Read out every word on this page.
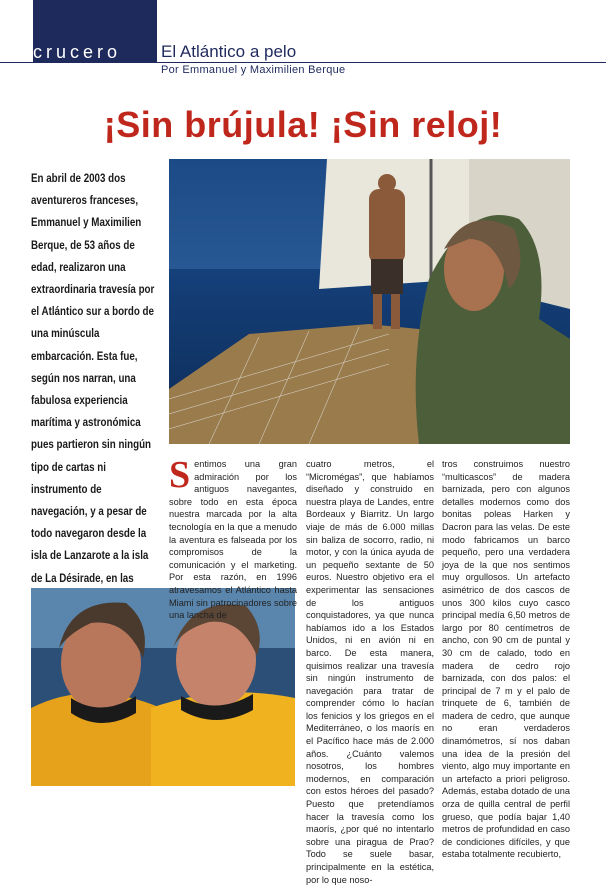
crucero El Atlántico a pelo
Por Emmanuel y Maximilien Berque
¡Sin brújula! ¡Sin reloj!

En abril de 2003 dos aventureros franceses, Emmanuel y Maximilien Berque, de 53 años de edad, realizaron una extraordinaria travesía por el Atlántico sur a bordo de una minúscula embarcación. Esta fue, según nos narran, una fabulosa experiencia marítima y astronómica pues partieron sin ningún tipo de cartas ni instrumento de navegación, y a pesar de todo navegaron desde la isla de Lanzarote a la isla de La Désirade, en las

Sentimos una gran admiración por los antiguos navegantes, sobre todo en esta época nuestra marcada por la alta tecnología en la que a menudo la aventura es falseada por los compromisos de la comunicación y el marketing. Por esta razón, en 1996 atravesamos el Atlántico hasta Miami sin patrocinadores sobre una lancha de
cuatro metros, el “Micromégas”, que habíamos diseñado y construido en nuestra playa de Landes, entre Bordeaux y Biarritz. Un largo viaje de más de 6.000 millas sin baliza de socorro, radio, ni motor, y con la única ayuda de un pequeño sextante de 50 euros. Nuestro objetivo era el experimentar las sensaciones de los antiguos conquistadores, ya que nunca habíamos ido a los Estados Unidos, ni en avión ni en barco. De esta manera, quisimos realizar una travesía sin ningún instrumento de navegación para tratar de comprender cómo lo hacían los fenicios y los griegos en el Mediterráneo, o los maorís en el Pacífico hace más de 2.000 años. ¿Cuánto valemos nosotros, los hombres modernos, en comparación con estos héroes del pasado? Puesto que pretendíamos hacer la travesía como los maorís, ¿por qué no intentarlo sobre una piragua de Prao? Todo se suele basar, principalmente en la estética, por lo que noso-
tros construimos nuestro “multicascos” de madera barnizada, pero con algunos detalles modernos como dos bonitas poleas Harken y Dacron para las velas. De este modo fabricamos un barco pequeño, pero una verdadera joya de la que nos sentimos muy orgullosos. Un artefacto asimétrico de dos cascos de unos 300 kilos cuyo casco principal medía 6,50 metros de largo por 80 centímetros de ancho, con 90 cm de puntal y 30 cm de calado, todo en madera de cedro rojo barnizada, con dos palos: el principal de 7 m y el palo de trinquete de 6, también de madera de cedro, que aunque no eran verdaderos dinamómetros, sí nos daban una idea de la presión del viento, algo muy importante en un artefacto a priori peligroso. Además, estaba dotado de una orza de quilla central de perfil grueso, que podía bajar 1,40 metros de profundidad en caso de condiciones difíciles, y que estaba totalmente recubierto,
